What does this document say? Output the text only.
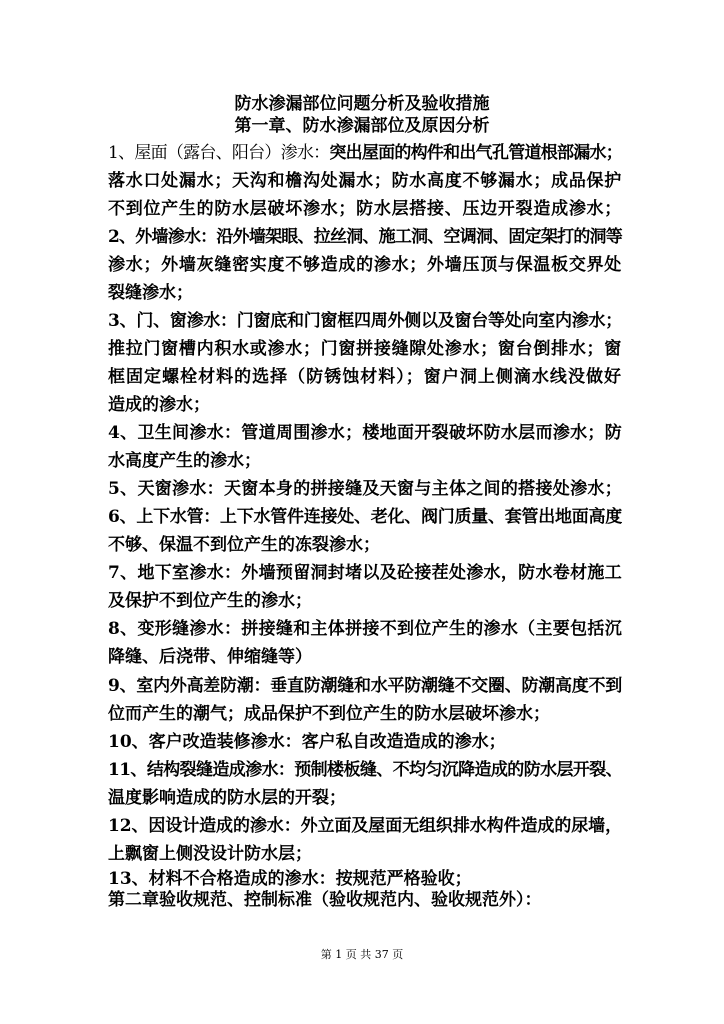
防水渗漏部位问题分析及验收措施
第一章、防水渗漏部位及原因分析
1、屋面（露台、阳台）渗水：突出屋面的构件和出气孔管道根部漏水；
落水口处漏水；天沟和檐沟处漏水；防水高度不够漏水；成品保护
不到位产生的防水层破坏渗水；防水层搭接、压边开裂造成渗水；
2、外墙渗水：沿外墙架眼、拉丝洞、施工洞、空调洞、固定架打的洞等
渗水；外墙灰缝密实度不够造成的渗水；外墙压顶与保温板交界处
裂缝渗水；
3、门、窗渗水：门窗底和门窗框四周外侧以及窗台等处向室内渗水；
推拉门窗槽内积水或渗水；门窗拼接缝隙处渗水；窗台倒排水；窗
框固定螺栓材料的选择（防锈蚀材料）；窗户洞上侧滴水线没做好
造成的渗水；
4、卫生间渗水：管道周围渗水；楼地面开裂破坏防水层而渗水；防
水高度产生的渗水；
5、天窗渗水：天窗本身的拼接缝及天窗与主体之间的搭接处渗水；
6、上下水管：上下水管件连接处、老化、阀门质量、套管出地面高度
不够、保温不到位产生的冻裂渗水；
7、地下室渗水：外墙预留洞封堵以及砼接茬处渗水，防水卷材施工
及保护不到位产生的渗水；
8、变形缝渗水：拼接缝和主体拼接不到位产生的渗水（主要包括沉
降缝、后浇带、伸缩缝等）
9、室内外高差防潮：垂直防潮缝和水平防潮缝不交圈、防潮高度不到
位而产生的潮气；成品保护不到位产生的防水层破坏渗水；
10、客户改造装修渗水：客户私自改造造成的渗水；
11、结构裂缝造成渗水：预制楼板缝、不均匀沉降造成的防水层开裂、
温度影响造成的防水层的开裂；
12、因设计造成的渗水：外立面及屋面无组织排水构件造成的尿墙，
上飘窗上侧没设计防水层；
13、材料不合格造成的渗水：按规范严格验收；
第二章验收规范、控制标准（验收规范内、验收规范外）：
第 1 页 共 37 页
